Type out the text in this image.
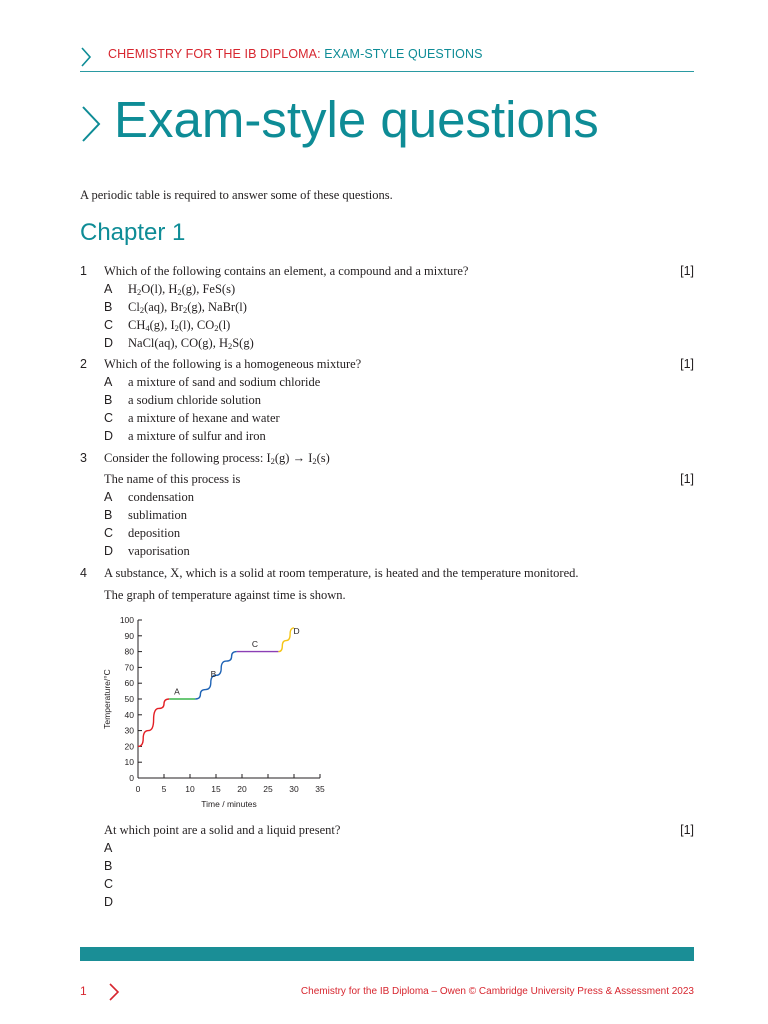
CHEMISTRY FOR THE IB DIPLOMA: EXAM-STYLE QUESTIONS
Exam-style questions
A periodic table is required to answer some of these questions.
Chapter 1
1 Which of the following contains an element, a compound and a mixture?	[1]
A $H_2O(l)$, $H_2(g)$, FeS(s)
B $Cl_2(aq)$, $Br_2(g)$, NaBr(l)
C $CH_4(g)$, $I_2(l)$, $CO_2(l)$
D NaCl(aq), CO(g), $H_2S(g)$
2 Which of the following is a homogeneous mixture?	[1]
A a mixture of sand and sodium chloride
B a sodium chloride solution
C a mixture of hexane and water
D a mixture of sulfur and iron
3 Consider the following process: $I_2(g) \to I_2(s)$
The name of this process is	[1]
A condensation
B sublimation
C deposition
D vaporisation
4 A substance, X, which is a solid at room temperature, is heated and the temperature monitored.
The graph of temperature against time is shown.
0
10
20
30
40
50
60
70
80
90
100
0	5 10 15 20 25 30 35
Time / minutes
Temperature/°C	A
B
C
D
At which point are a solid and a liquid present?	[1]
A
B
C
D
1	Chemistry for the IB Diploma – Owen © Cambridge University Press & Assessment 2023
